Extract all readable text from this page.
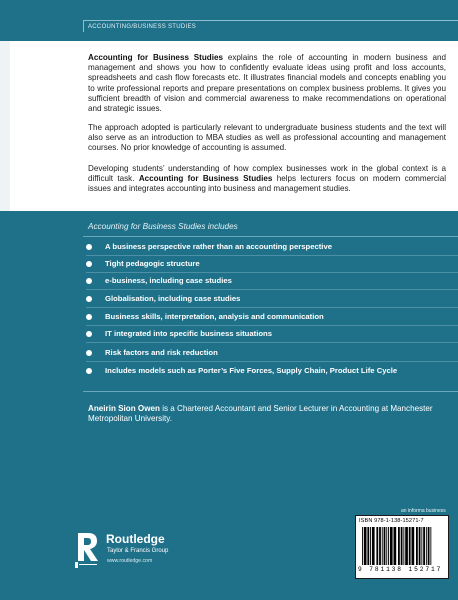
ACCOUNTING/BUSINESS STUDIES

Accounting for Business Studies explains the role of accounting in modern business and management and shows you how to confidently evaluate ideas using profit and loss accounts, spreadsheets and cash flow forecasts etc. It illustrates financial models and concepts enabling you to write professional reports and prepare presentations on complex business problems. It gives you sufficient breadth of vision and commercial awareness to make recommendations on operational and strategic issues.

The approach adopted is particularly relevant to undergraduate business students and the text will also serve as an introduction to MBA studies as well as professional accounting and management courses. No prior knowledge of accounting is assumed.

Developing students’ understanding of how complex businesses work in the global context is a difficult task. Accounting for Business Studies helps lecturers focus on modern commercial issues and integrates accounting into business and management studies.

Accounting for Business Studies includes
A business perspective rather than an accounting perspective
Tight pedagogic structure
e-business, including case studies
Globalisation, including case studies
Business skills, interpretation, analysis and communication
IT integrated into specific business situations
Risk factors and risk reduction
Includes models such as Porter’s Five Forces, Supply Chain, Product Life Cycle
Aneirin Sion Owen is a Chartered Accountant and Senior Lecturer in Accounting at Manchester Metropolitan University.
Routledge
Taylor & Francis Group
www.routledge.com
an informa business
ISBN 978-1-138-15271-7
9 781138 152717
